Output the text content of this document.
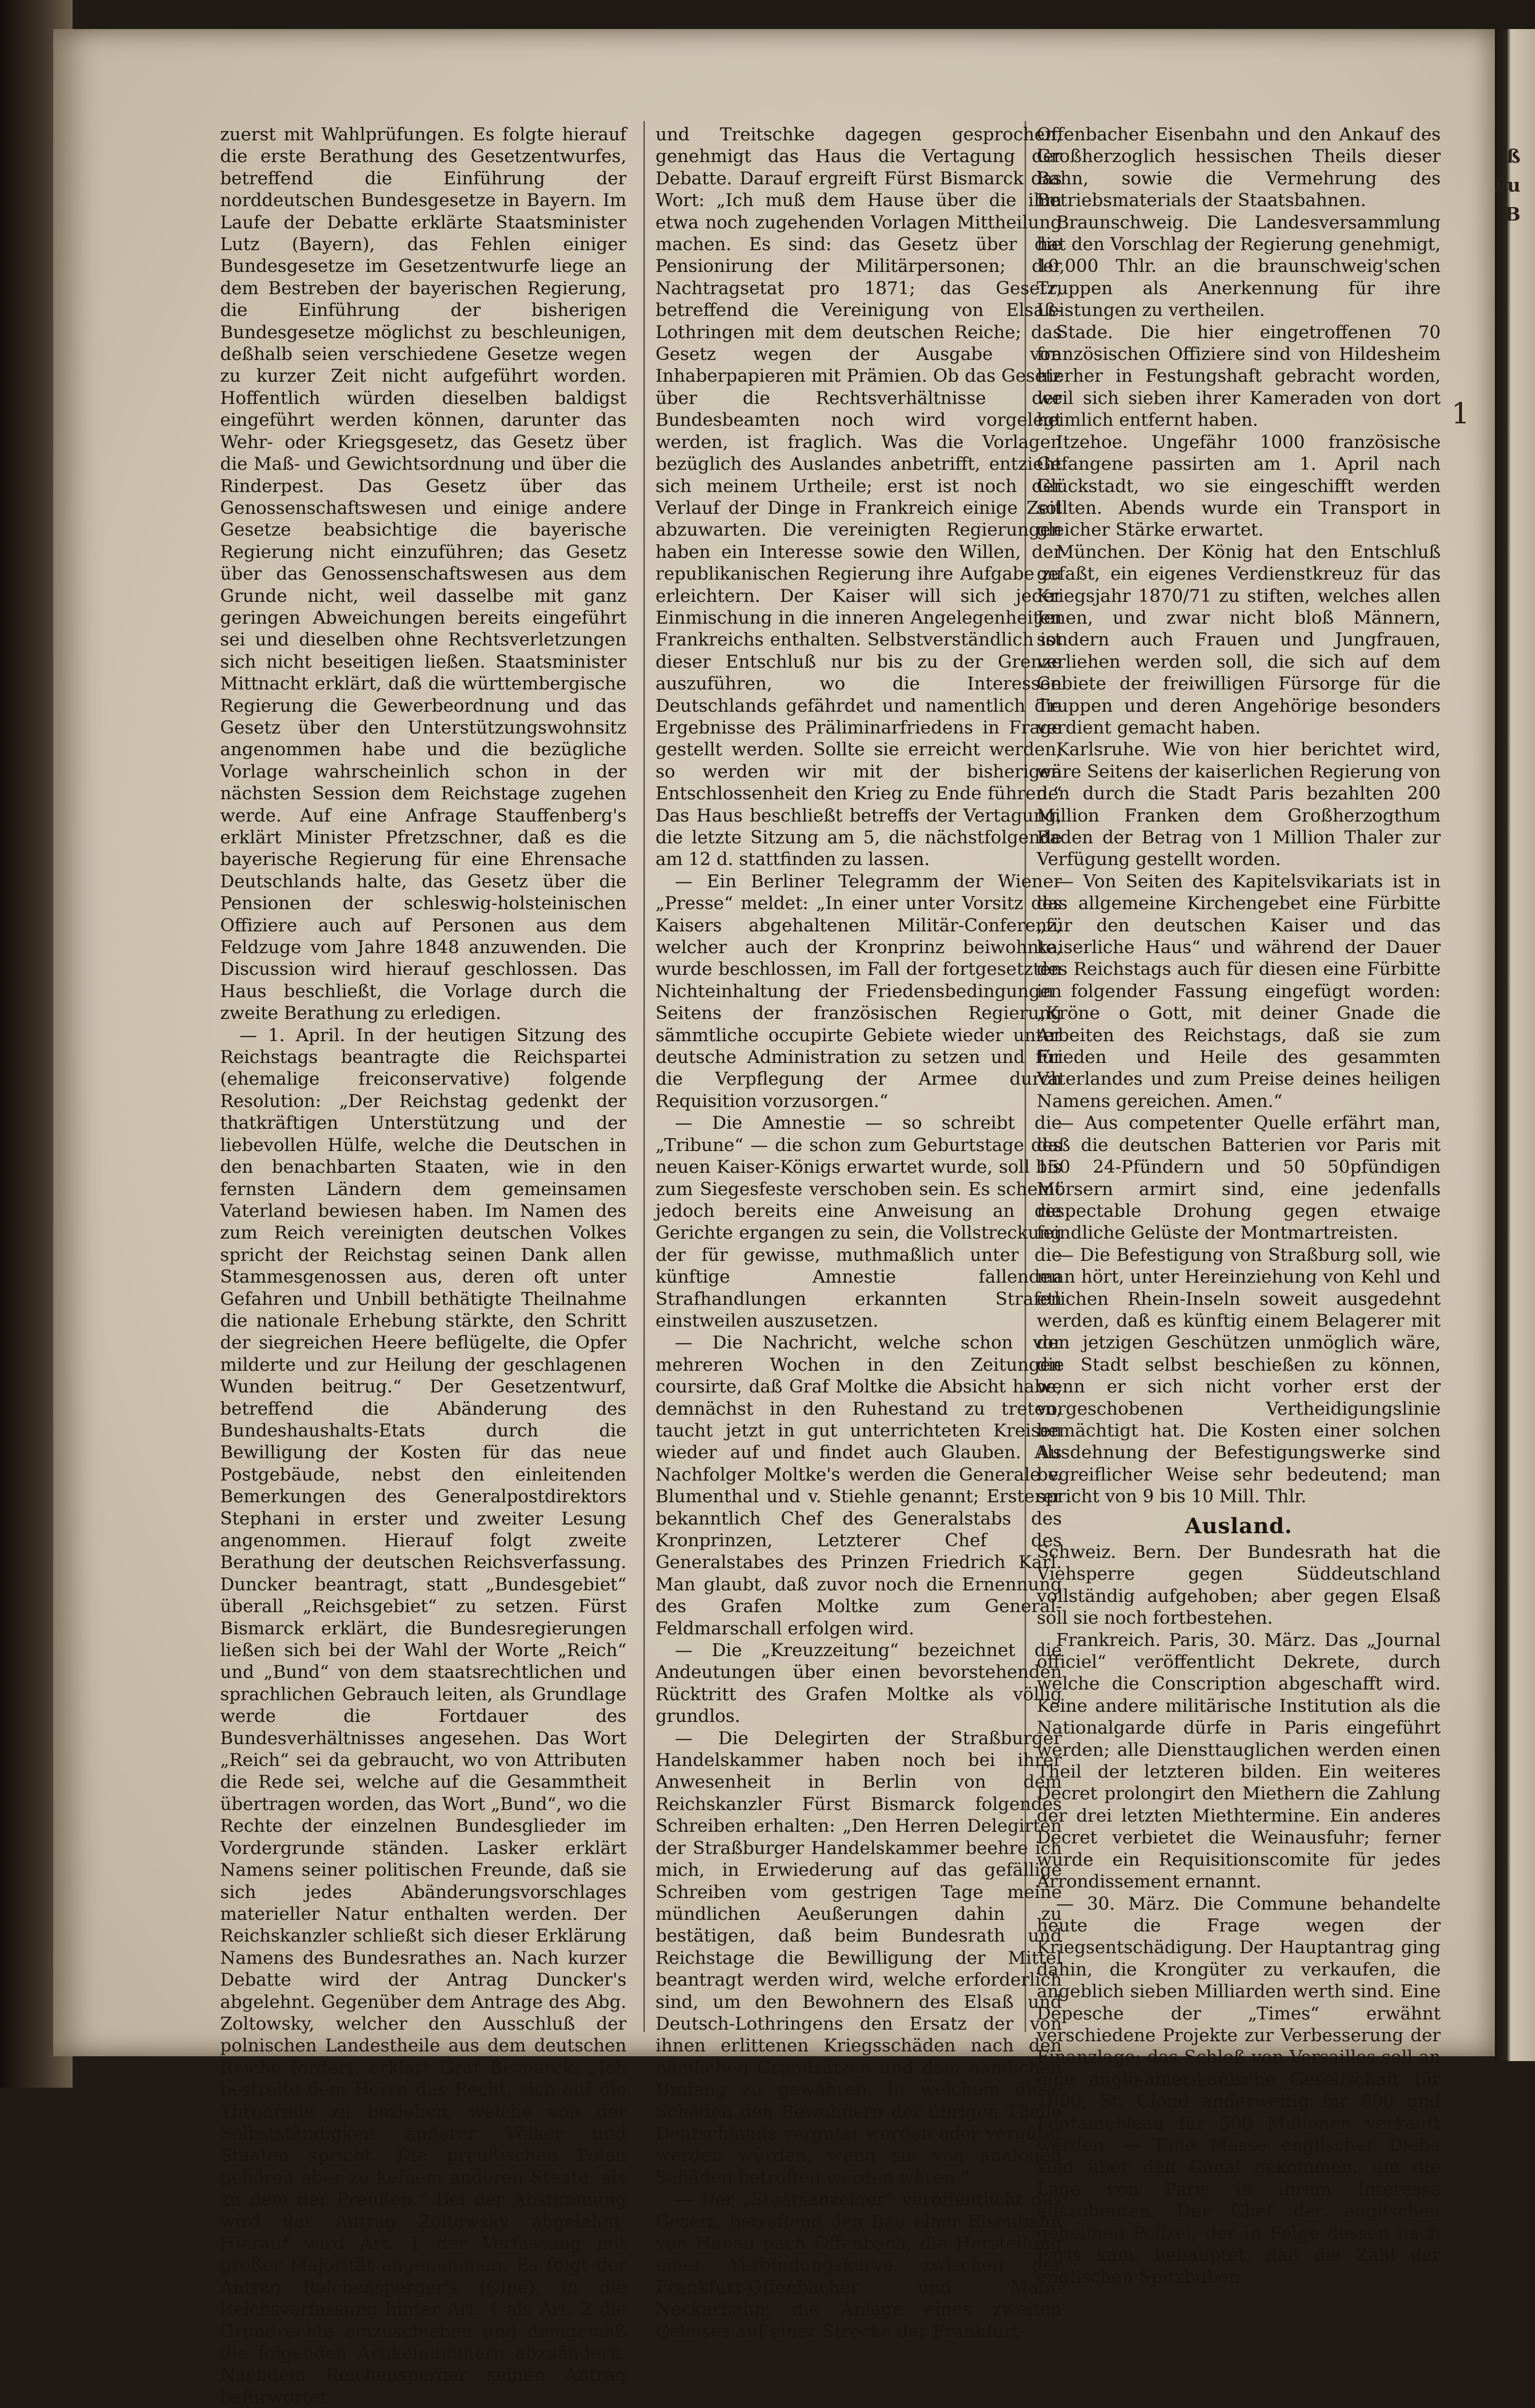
ß
Lu
B
1

zuerst mit Wahlprüfungen. Es folgte hierauf die erste Berathung des Gesetzentwurfes, betreffend die Einführung der norddeutschen Bundesgesetze in Bayern. Im Laufe der Debatte erklärte Staatsminister Lutz (Bayern), das Fehlen einiger Bundesgesetze im Gesetzentwurfe liege an dem Bestreben der bayerischen Regierung, die Einführung der bisherigen Bundesgesetze möglichst zu beschleunigen, deßhalb seien verschiedene Gesetze wegen zu kurzer Zeit nicht aufgeführt worden. Hoffentlich würden dieselben baldigst eingeführt werden können, darunter das Wehr- oder Kriegsgesetz, das Gesetz über die Maß- und Gewichtsordnung und über die Rinderpest. Das Gesetz über das Genossenschaftswesen und einige andere Gesetze beabsichtige die bayerische Regierung nicht einzuführen; das Gesetz über das Genossenschaftswesen aus dem Grunde nicht, weil dasselbe mit ganz geringen Abweichungen bereits eingeführt sei und dieselben ohne Rechtsverletzungen sich nicht beseitigen ließen. Staatsminister Mittnacht erklärt, daß die württembergische Regierung die Gewerbeordnung und das Gesetz über den Unterstützungswohnsitz angenommen habe und die bezügliche Vorlage wahrscheinlich schon in der nächsten Session dem Reichstage zugehen werde. Auf eine Anfrage Stauffenberg's erklärt Minister Pfretzschner, daß es die bayerische Regierung für eine Ehrensache Deutschlands halte, das Gesetz über die Pensionen der schleswig-holsteinischen Offiziere auch auf Personen aus dem Feldzuge vom Jahre 1848 anzuwenden. Die Discussion wird hierauf geschlossen. Das Haus beschließt, die Vorlage durch die zweite Berathung zu erledigen.

— 1. April. In der heutigen Sitzung des Reichstags beantragte die Reichspartei (ehemalige freiconservative) folgende Resolution: „Der Reichstag gedenkt der thatkräftigen Unterstützung und der liebevollen Hülfe, welche die Deutschen in den benachbarten Staaten, wie in den fernsten Ländern dem gemeinsamen Vaterland bewiesen haben. Im Namen des zum Reich vereinigten deutschen Volkes spricht der Reichstag seinen Dank allen Stammesgenossen aus, deren oft unter Gefahren und Unbill bethätigte Theilnahme die nationale Erhebung stärkte, den Schritt der siegreichen Heere beflügelte, die Opfer milderte und zur Heilung der geschlagenen Wunden beitrug.“ Der Gesetzentwurf, betreffend die Abänderung des Bundeshaushalts-Etats durch die Bewilligung der Kosten für das neue Postgebäude, nebst den einleitenden Bemerkungen des Generalpostdirektors Stephani in erster und zweiter Lesung angenommen. Hierauf folgt zweite Berathung der deutschen Reichsverfassung. Duncker beantragt, statt „Bundesgebiet“ überall „Reichsgebiet“ zu setzen. Fürst Bismarck erklärt, die Bundesregierungen ließen sich bei der Wahl der Worte „Reich“ und „Bund“ von dem staatsrechtlichen und sprachlichen Gebrauch leiten, als Grundlage werde die Fortdauer des Bundesverhältnisses angesehen. Das Wort „Reich“ sei da gebraucht, wo von Attributen die Rede sei, welche auf die Gesammtheit übertragen worden, das Wort „Bund“, wo die Rechte der einzelnen Bundesglieder im Vordergrunde ständen. Lasker erklärt Namens seiner politischen Freunde, daß sie sich jedes Abänderungsvorschlages materieller Natur enthalten werden. Der Reichskanzler schließt sich dieser Erklärung Namens des Bundesrathes an. Nach kurzer Debatte wird der Antrag Duncker's abgelehnt. Gegenüber dem Antrage des Abg. Zoltowsky, welcher den Ausschluß der polnischen Landestheile aus dem deutschen Reiche fordert, erklärt Graf Bismarck: „Ich bestreite dem Herrn das Recht, sich auf die Thronrede zu beziehen, welche von der Selbstständigkeit anderer Völker und Staaten spricht. Die preußischen Polen gehören aber zu keinem anderen Staate, als zu dem der Preußen.“ Bei der Abstimmung wird der Antrag Zoltowsky abgelehnt. Hierauf wird Art. 1 der Verfassung mit großer Majorität angenommen. Es folgt der Antrag Reichensperger's (Olpe), in die Reichsverfassung hinter Art. 1 als Art. 2 die Grundrechte einzuschieben und demgemäß die folgenden Artikelnummern abzuändern. Nachdem Reichensperger seinen Antrag befürwortet

und Treitschke dagegen gesprochen, genehmigt das Haus die Vertagung der Debatte. Darauf ergreift Fürst Bismarck das Wort: „Ich muß dem Hause über die ihm etwa noch zugehenden Vorlagen Mittheilung machen. Es sind: das Gesetz über die Pensionirung der Militärpersonen; der Nachtragsetat pro 1871; das Gesetz, betreffend die Vereinigung von Elsaß-Lothringen mit dem deutschen Reiche; das Gesetz wegen der Ausgabe von Inhaberpapieren mit Prämien. Ob das Gesetz über die Rechtsverhältnisse der Bundesbeamten noch wird vorgelegt werden, ist fraglich. Was die Vorlagen bezüglich des Auslandes anbetrifft, entzieht sich meinem Urtheile; erst ist noch der Verlauf der Dinge in Frankreich einige Zeit abzuwarten. Die vereinigten Regierungen haben ein Interesse sowie den Willen, der republikanischen Regierung ihre Aufgabe zu erleichtern. Der Kaiser will sich jeder Einmischung in die inneren Angelegenheiten Frankreichs enthalten. Selbstverständlich ist dieser Entschluß nur bis zu der Grenze auszuführen, wo die Interessen Deutschlands gefährdet und namentlich die Ergebnisse des Präliminarfriedens in Frage gestellt werden. Sollte sie erreicht werden, so werden wir mit der bisherigen Entschlossenheit den Krieg zu Ende führen.“ Das Haus beschließt betreffs der Vertagung, die letzte Sitzung am 5, die nächstfolgende am 12 d. stattfinden zu lassen.

— Ein Berliner Telegramm der Wiener „Presse“ meldet: „In einer unter Vorsitz des Kaisers abgehaltenen Militär-Conferenz, welcher auch der Kronprinz beiwohnte, wurde beschlossen, im Fall der fortgesetzten Nichteinhaltung der Friedensbedingungen Seitens der französischen Regierung sämmtliche occupirte Gebiete wieder unter deutsche Administration zu setzen und für die Verpflegung der Armee durch Requisition vorzusorgen.“

— Die Amnestie — so schreibt die „Tribune“ — die schon zum Geburtstage des neuen Kaiser-Königs erwartet wurde, soll bis zum Siegesfeste verschoben sein. Es scheint jedoch bereits eine Anweisung an die Gerichte ergangen zu sein, die Vollstreckung der für gewisse, muthmaßlich unter die künftige Amnestie fallenden Strafhandlungen erkannten Strafen einstweilen auszusetzen.

— Die Nachricht, welche schon vor mehreren Wochen in den Zeitungen coursirte, daß Graf Moltke die Absicht habe, demnächst in den Ruhestand zu treten, taucht jetzt in gut unterrichteten Kreisen wieder auf und findet auch Glauben. Als Nachfolger Moltke's werden die Generale v. Blumenthal und v. Stiehle genannt; Ersterer bekanntlich Chef des Generalstabs des Kronprinzen, Letzterer Chef des Generalstabes des Prinzen Friedrich Karl. Man glaubt, daß zuvor noch die Ernennung des Grafen Moltke zum General-Feldmarschall erfolgen wird.

— Die „Kreuzzeitung“ bezeichnet die Andeutungen über einen bevorstehenden Rücktritt des Grafen Moltke als völlig grundlos.

— Die Delegirten der Straßburger Handelskammer haben noch bei ihrer Anwesenheit in Berlin von dem Reichskanzler Fürst Bismarck folgendes Schreiben erhalten: „Den Herren Delegirten der Straßburger Handelskammer beehre ich mich, in Erwiederung auf das gefällige Schreiben vom gestrigen Tage meine mündlichen Aeußerungen dahin zu bestätigen, daß beim Bundesrath und Reichstage die Bewilligung der Mittel beantragt werden wird, welche erforderlich sind, um den Bewohnern des Elsaß und Deutsch-Lothringens den Ersatz der von ihnen erlittenen Kriegsschäden nach den nämlichen Grundsätzen und dem nämlichen Umfang zu gewähren, in welchem diese Schäden den Bewohnern der übrigen Theile Deutschlands vergütet werden oder vergütet werden würden, wenn sie von analogen Schäden betroffen worden wären.“

— Der „Staatsanzeiger“ veröffentlicht das Gesetz, betreffend den Bau einer Eisenbahn von Hanau nach Offenbach, die Herstellung einer Verbindungskurve zwischen der Frankfurt-Offenbacher und Main-Neckarbahn, die Anlage eines zweiten Geleises auf einer Strecke der Frankfurt-

Offenbacher Eisenbahn und den Ankauf des Großherzoglich hessischen Theils dieser Bahn, sowie die Vermehrung des Betriebsmaterials der Staatsbahnen.

Braunschweig. Die Landesversammlung hat den Vorschlag der Regierung genehmigt, 10,000 Thlr. an die braunschweig'schen Truppen als Anerkennung für ihre Leistungen zu vertheilen.

Stade. Die hier eingetroffenen 70 französischen Offiziere sind von Hildesheim hierher in Festungshaft gebracht worden, weil sich sieben ihrer Kameraden von dort heimlich entfernt haben.

Itzehoe. Ungefähr 1000 französische Gefangene passirten am 1. April nach Glückstadt, wo sie eingeschifft werden sollten. Abends wurde ein Transport in gleicher Stärke erwartet.

München. Der König hat den Entschluß gefaßt, ein eigenes Verdienstkreuz für das Kriegsjahr 1870/71 zu stiften, welches allen Jenen, und zwar nicht bloß Männern, sondern auch Frauen und Jungfrauen, verliehen werden soll, die sich auf dem Gebiete der freiwilligen Fürsorge für die Truppen und deren Angehörige besonders verdient gemacht haben.

Karlsruhe. Wie von hier berichtet wird, wäre Seitens der kaiserlichen Regierung von den durch die Stadt Paris bezahlten 200 Million Franken dem Großherzogthum Baden der Betrag von 1 Million Thaler zur Verfügung gestellt worden.

— Von Seiten des Kapitelsvikariats ist in das allgemeine Kirchengebet eine Fürbitte „für den deutschen Kaiser und das kaiserliche Haus“ und während der Dauer des Reichstags auch für diesen eine Fürbitte in folgender Fassung eingefügt worden: „Kröne o Gott, mit deiner Gnade die Arbeiten des Reichstags, daß sie zum Frieden und Heile des gesammten Vaterlandes und zum Preise deines heiligen Namens gereichen. Amen.“

— Aus competenter Quelle erfährt man, daß die deutschen Batterien vor Paris mit 150 24-Pfündern und 50 50pfündigen Mörsern armirt sind, eine jedenfalls respectable Drohung gegen etwaige feindliche Gelüste der Montmartreisten.

— Die Befestigung von Straßburg soll, wie man hört, unter Hereinziehung von Kehl und etlichen Rhein-Inseln soweit ausgedehnt werden, daß es künftig einem Belagerer mit den jetzigen Geschützen unmöglich wäre, die Stadt selbst beschießen zu können, wenn er sich nicht vorher erst der vorgeschobenen Vertheidigungslinie bemächtigt hat. Die Kosten einer solchen Ausdehnung der Befestigungswerke sind begreiflicher Weise sehr bedeutend; man spricht von 9 bis 10 Mill. Thlr.

Ausland.

Schweiz. Bern. Der Bundesrath hat die Viehsperre gegen Süddeutschland vollständig aufgehoben; aber gegen Elsaß soll sie noch fortbestehen.

Frankreich. Paris, 30. März. Das „Journal officiel“ veröffentlicht Dekrete, durch welche die Conscription abgeschafft wird. Keine andere militärische Institution als die Nationalgarde dürfe in Paris eingeführt werden; alle Diensttauglichen werden einen Theil der letzteren bilden. Ein weiteres Decret prolongirt den Miethern die Zahlung der drei letzten Miethtermine. Ein anderes Decret verbietet die Weinausfuhr; ferner wurde ein Requisitionscomite für jedes Arrondissement ernannt.

— 30. März. Die Commune behandelte heute die Frage wegen der Kriegsentschädigung. Der Hauptantrag ging dahin, die Krongüter zu verkaufen, die angeblich sieben Milliarden werth sind. Eine Depesche der „Times“ erwähnt verschiedene Projekte zur Verbesserung der Finanzlage; das Schloß von Versailles soll an eine anglo-amerikanische Gesellschaft für 1000, St. Cloud anderweitig für 800 und Fontainebleau für 500 Millionen verkauft werden. — Eine Masse englischer Diebe sind über den Canal gekommen, um die Lage von Paris in ihrem Interesse auszubeuten. Der Chef der englischen geheimen Polizei, der in Folge dessen nach Paris kam, behauptet, daß die Zahl der englischen Spitzbuben
